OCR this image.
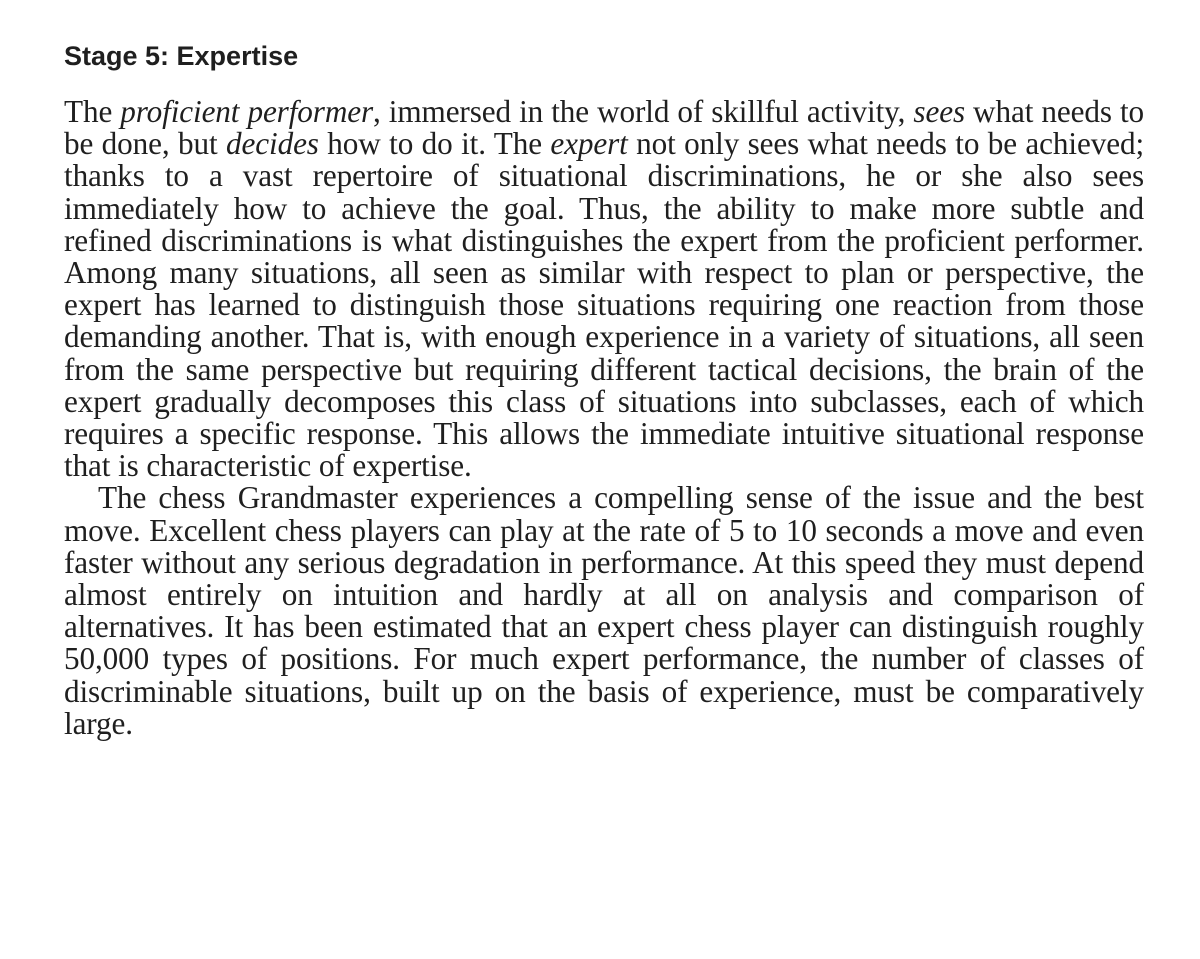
Stage 5: Expertise

The proficient performer, immersed in the world of skillful activity, sees what needs to be done, but decides how to do it. The expert not only sees what needs to be achieved; thanks to a vast repertoire of situational discriminations, he or she also sees immediately how to achieve the goal. Thus, the ability to make more subtle and refined discriminations is what distinguishes the expert from the proficient performer. Among many situations, all seen as similar with respect to plan or perspective, the expert has learned to distinguish those situations requiring one reaction from those demanding another. That is, with enough experience in a variety of situations, all seen from the same perspective but requiring different tactical decisions, the brain of the expert gradually decomposes this class of situations into subclasses, each of which requires a specific response. This allows the immediate intuitive situational response that is characteristic of expertise.

The chess Grandmaster experiences a compelling sense of the issue and the best move. Excellent chess players can play at the rate of 5 to 10 seconds a move and even faster without any serious degradation in performance. At this speed they must depend almost entirely on intuition and hardly at all on analysis and comparison of alternatives. It has been estimated that an expert chess player can distinguish roughly 50,000 types of positions. For much expert performance, the number of classes of discriminable situations, built up on the basis of experience, must be comparatively large.
